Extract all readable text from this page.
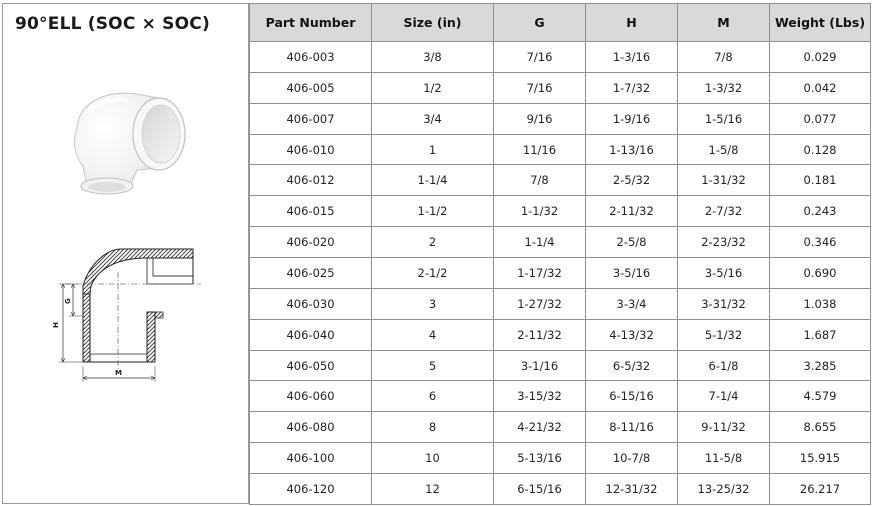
90°ELL (SOC × SOC)
H
G
M
Part Number	Size (in)	G	H	M	Weight (Lbs)
406-003	3/8	7/16	1-3/16	7/8	0.029
406-005	1/2	7/16	1-7/32	1-3/32	0.042
406-007	3/4	9/16	1-9/16	1-5/16	0.077
406-010	1	11/16	1-13/16	1-5/8	0.128
406-012	1-1/4	7/8	2-5/32	1-31/32	0.181
406-015	1-1/2	1-1/32	2-11/32	2-7/32	0.243
406-020	2	1-1/4	2-5/8	2-23/32	0.346
406-025	2-1/2	1-17/32	3-5/16	3-5/16	0.690
406-030	3	1-27/32	3-3/4	3-31/32	1.038
406-040	4	2-11/32	4-13/32	5-1/32	1.687
406-050	5	3-1/16	6-5/32	6-1/8	3.285
406-060	6	3-15/32	6-15/16	7-1/4	4.579
406-080	8	4-21/32	8-11/16	9-11/32	8.655
406-100	10	5-13/16	10-7/8	11-5/8	15.915
406-120	12	6-15/16	12-31/32	13-25/32	26.217
